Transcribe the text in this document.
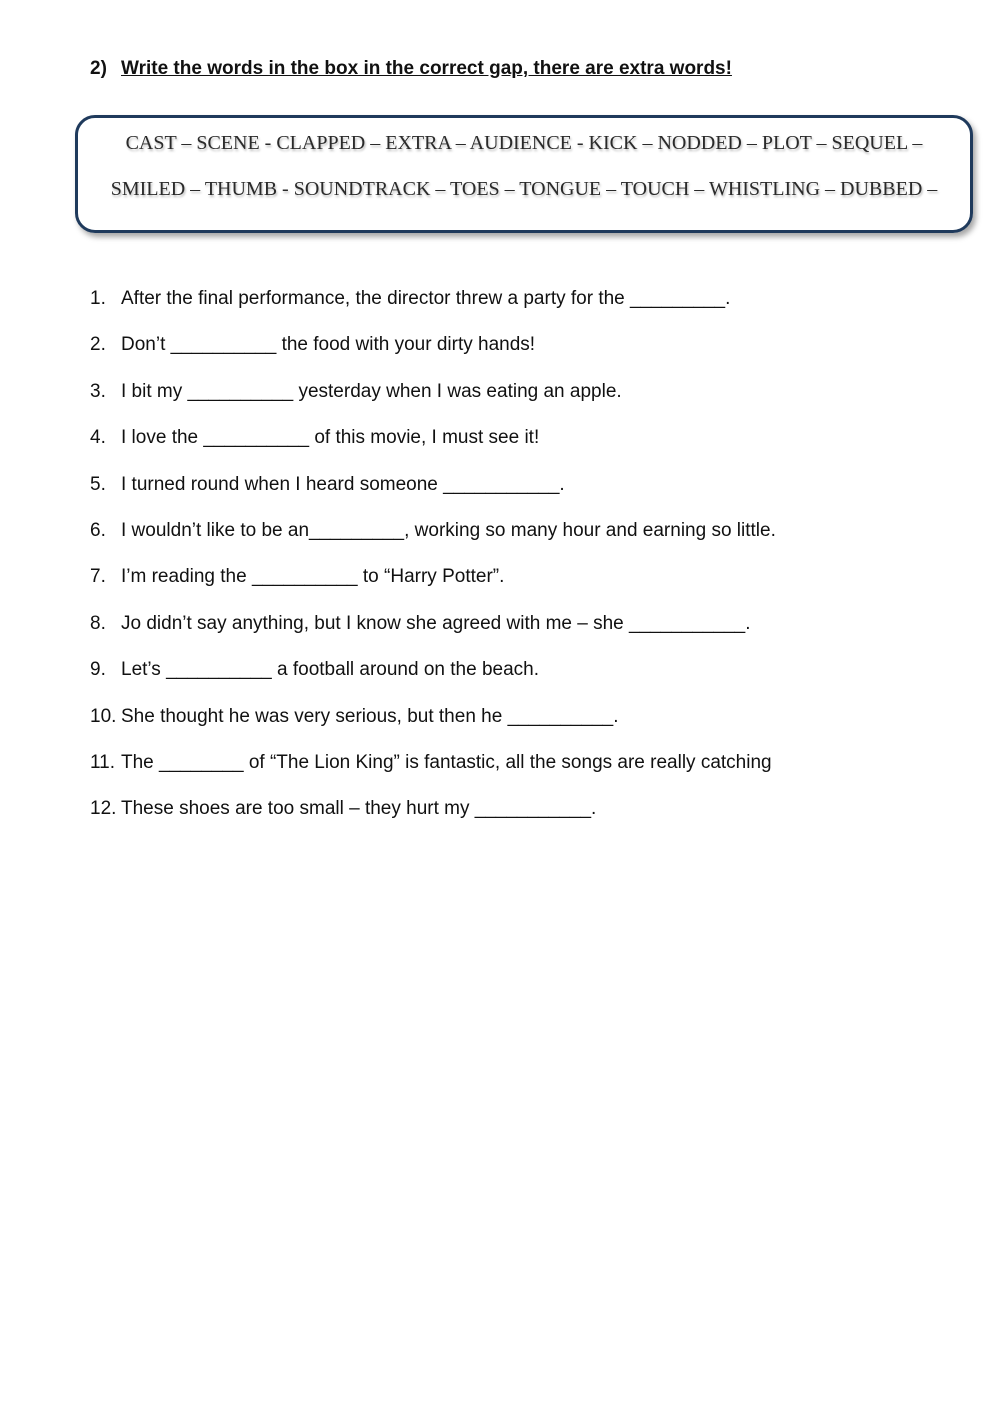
2) Write the words in the box in the correct gap, there are extra words!
CAST – SCENE - CLAPPED – EXTRA – AUDIENCE - KICK – NODDED – PLOT – SEQUEL –
SMILED – THUMB - SOUNDTRACK – TOES – TONGUE – TOUCH – WHISTLING – DUBBED –
1. After the final performance, the director threw a party for the _________.
2. Don’t __________ the food with your dirty hands!
3. I bit my __________ yesterday when I was eating an apple.
4. I love the __________ of this movie, I must see it!
5. I turned round when I heard someone ___________.
6. I wouldn’t like to be an_________, working so many hour and earning so little.
7. I’m reading the __________ to “Harry Potter”.
8. Jo didn’t say anything, but I know she agreed with me – she ___________.
9. Let’s __________ a football around on the beach.
10. She thought he was very serious, but then he __________.
11. The ________ of “The Lion King” is fantastic, all the songs are really catching
12. These shoes are too small – they hurt my ___________.
